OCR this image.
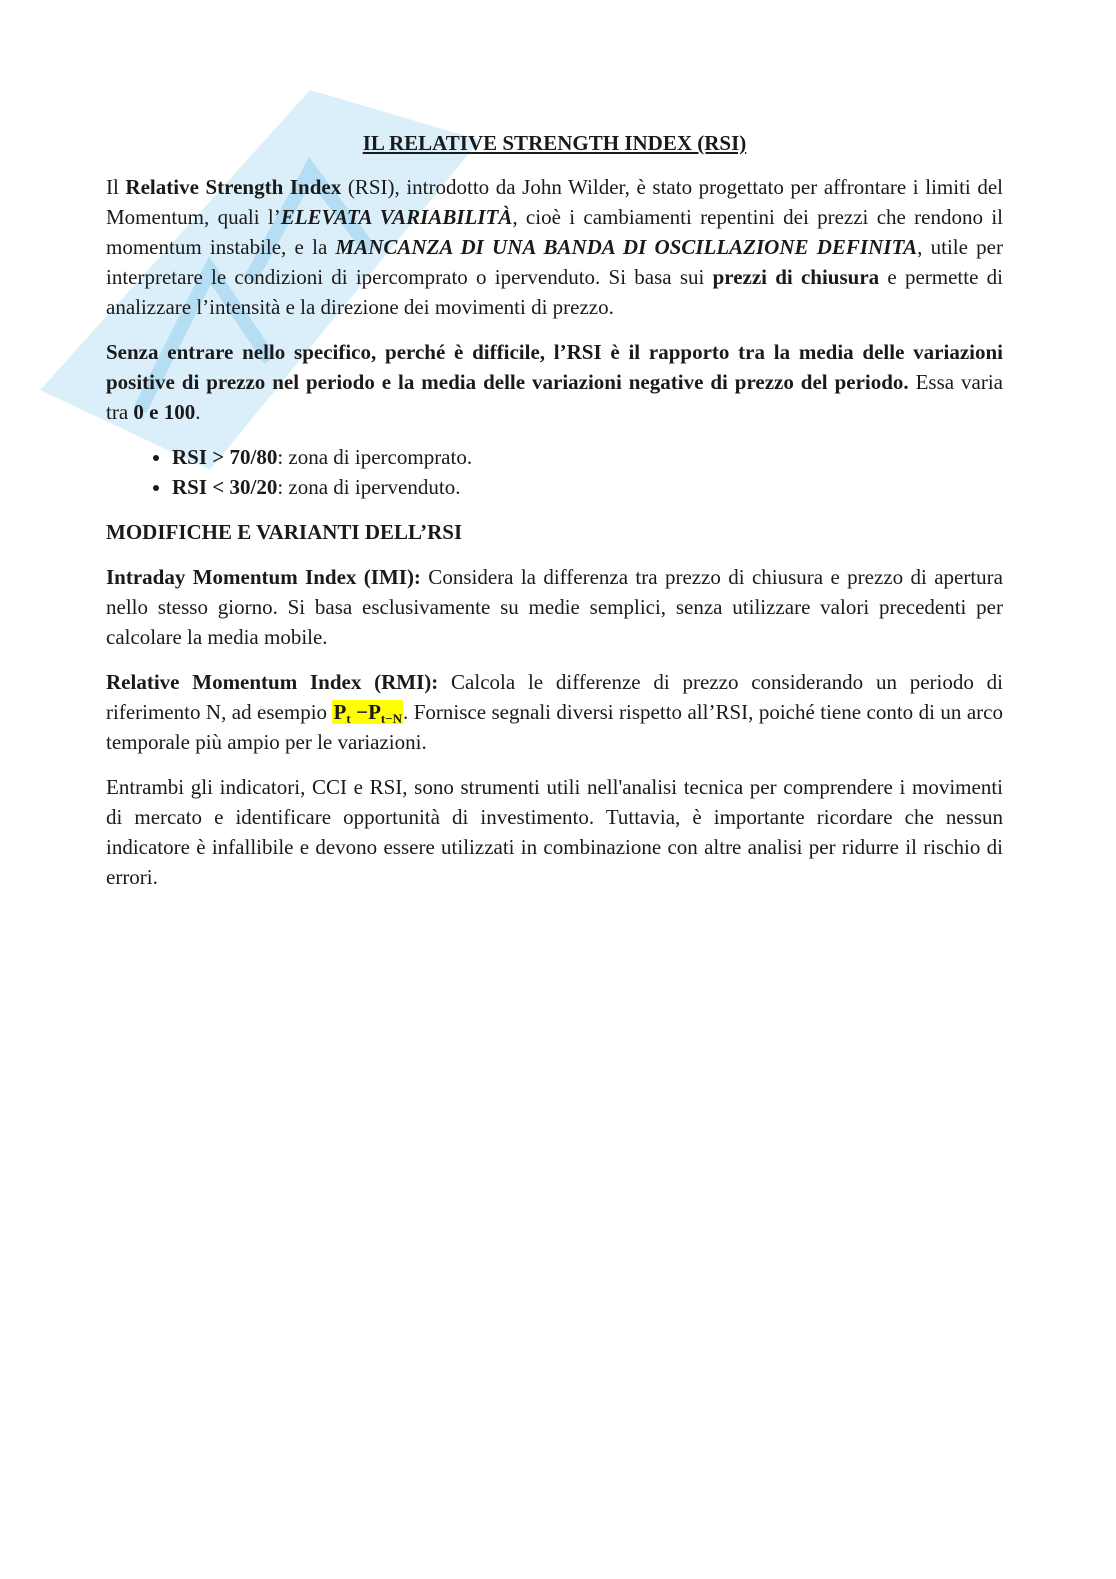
IL RELATIVE STRENGTH INDEX (RSI)

Il Relative Strength Index (RSI), introdotto da John Wilder, è stato progettato per affrontare i limiti del Momentum, quali l’ELEVATA VARIABILITÀ, cioè i cambiamenti repentini dei prezzi che rendono il momentum instabile, e la MANCANZA DI UNA BANDA DI OSCILLAZIONE DEFINITA, utile per interpretare le condizioni di ipercomprato o ipervenduto. Si basa sui prezzi di chiusura e permette di analizzare l’intensità e la direzione dei movimenti di prezzo.

Senza entrare nello specifico, perché è difficile, l’RSI è il rapporto tra la media delle variazioni positive di prezzo nel periodo e la media delle variazioni negative di prezzo del periodo. Essa varia tra 0 e 100.

• RSI > 70/80: zona di ipercomprato.
• RSI < 30/20: zona di ipervenduto.
MODIFICHE E VARIANTI DELL’RSI

Intraday Momentum Index (IMI): Considera la differenza tra prezzo di chiusura e prezzo di apertura nello stesso giorno. Si basa esclusivamente su medie semplici, senza utilizzare valori precedenti per calcolare la media mobile.

Relative Momentum Index (RMI): Calcola le differenze di prezzo considerando un periodo di riferimento N, ad esempio $P_t -P_{t-N}$. Fornisce segnali diversi rispetto all’RSI, poiché tiene conto di un arco temporale più ampio per le variazioni.

Entrambi gli indicatori, CCI e RSI, sono strumenti utili nell'analisi tecnica per comprendere i movimenti di mercato e identificare opportunità di investimento. Tuttavia, è importante ricordare che nessun indicatore è infallibile e devono essere utilizzati in combinazione con altre analisi per ridurre il rischio di errori.
